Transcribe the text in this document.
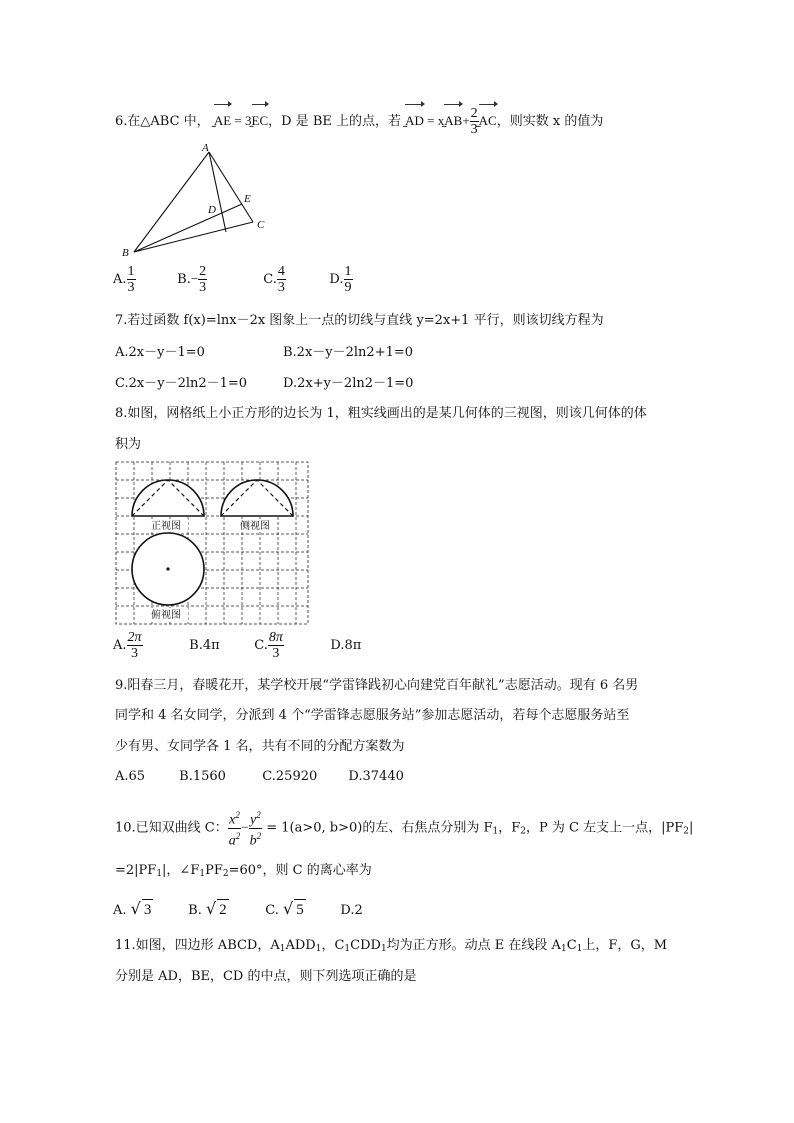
6.在△ABC 中， ̱̱̱ AE = 3
̱̱̱ EC，D 是 BE 上的点，若 ̱̱̱ AD = x
̱̱̱ $AB+ \frac{2}{3}$ ̱̱̱ AC，则实数 x 的值为
A
B
C
D
E
A. $\frac{1}{3}$	$B.- \frac{2}{3}$	C. $\frac{4}{3}$	D. $\frac{1}{9}$
7.若过函数 f(x)=lnx－2x 图象上一点的切线与直线 y=2x+1 平行，则该切线方程为
A.2x－y－1=0	B.2x－y－2ln2+1=0
C.2x－y－2ln2－1=0	D.2x+y－2ln2－1=0
8.如图，网格纸上小正方形的边长为 1，粗实线画出的是某几何体的三视图，则该几何体的体
积为
正视图	侧视图
俯视图
A. $\frac{2\pi}{3}$	B.4π	C. $\frac{8\pi}{3}$	D.8π
9.阳春三月，春暖花开，某学校开展“学雷锋践初心向建党百年献礼”志愿活动。现有 6 名男
同学和 4 名女同学，分派到 4 个“学雷锋志愿服务站”参加志愿活动，若每个志愿服务站至
少有男、女同学各 1 名，共有不同的分配方案数为
A.65	B.1560	C.25920 D.37440
10.已知双曲线 C： $\frac{x^2}{a^2} - \frac{y^2}{b^2} = 1(a>0$, b>0)的左、右焦点分别为 $F_1$，$F_2$，P 为 C 左支上一点，$|PF_2|$
$=2|PF_1|$，$\angle F_1PF_2=60^\circ$，则 C 的离心率为
A. √ 3	B. √ 2	C. √ 5	D.2
11.如图，四边形 ABCD，$A_1ADD_1$，$C_1CDD_1$均为正方形。动点 E 在线段 $A_1C_1$上，F，G，M
分别是 AD，BE，CD 的中点，则下列选项正确的是
